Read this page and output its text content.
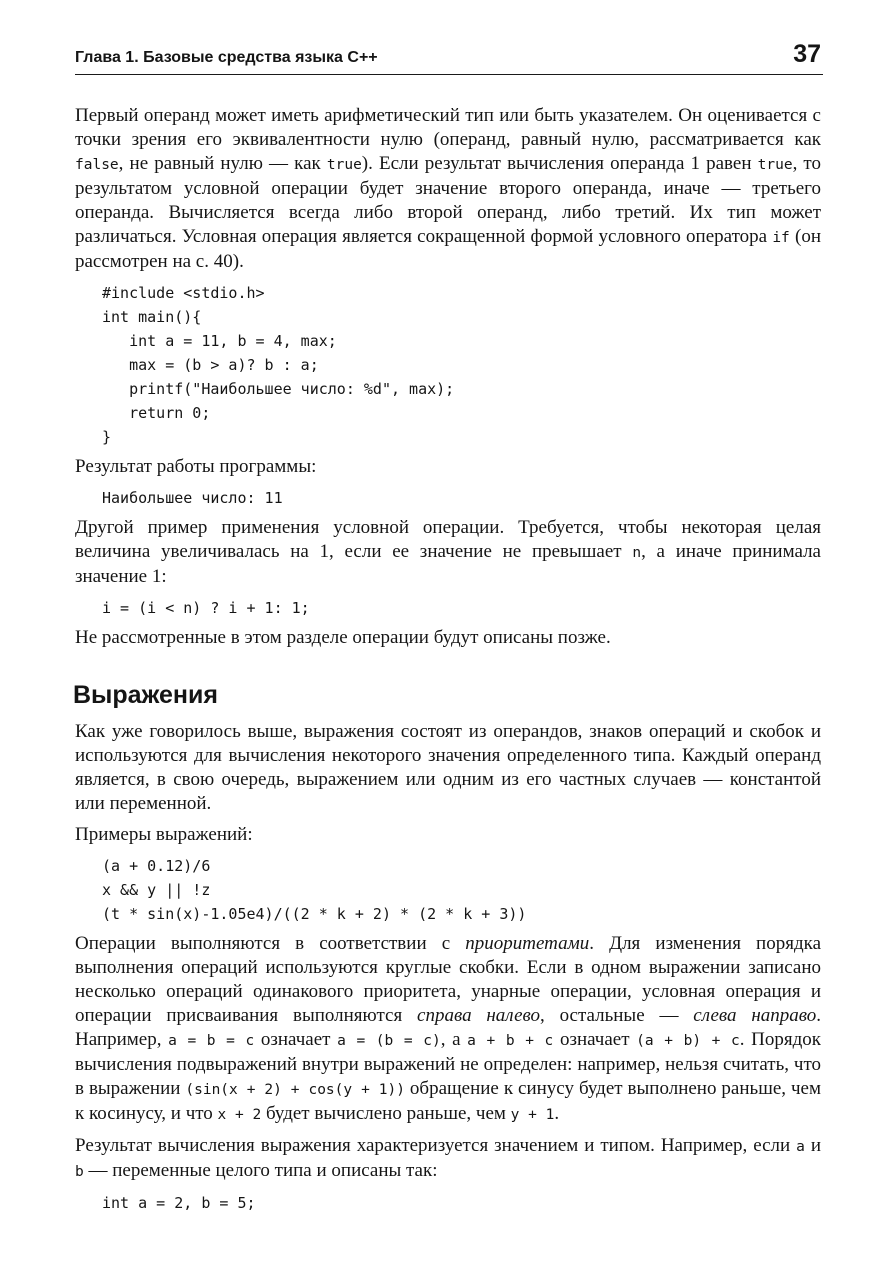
Глава 1. Базовые средства языка С++	37

Первый операнд может иметь арифметический тип или быть указателем. Он оценивается с точки зрения его эквивалентности нулю (операнд, равный нулю, рассматривается как false, не равный нулю — как true). Если результат вычисления операнда 1 равен true, то результатом условной операции будет значение второго операнда, иначе — третьего операнда. Вычисляется всегда либо второй операнд, либо третий. Их тип может различаться. Условная операция является сокращенной формой условного оператора if (он рассмотрен на с. 40).

#include <stdio.h>
int main(){
int a = 11, b = 4, max;
max = (b > a)? b : a;
printf("Наибольшее число: %d", max);
return 0;
}

Результат работы программы:

Наибольшее число: 11

Другой пример применения условной операции. Требуется, чтобы некоторая целая величина увеличивалась на 1, если ее значение не превышает n, а иначе принимала значение 1:

i = (i < n) ? i + 1: 1;

Не рассмотренные в этом разделе операции будут описаны позже.

Выражения

Как уже говорилось выше, выражения состоят из операндов, знаков операций и скобок и используются для вычисления некоторого значения определенного типа. Каждый операнд является, в свою очередь, выражением или одним из его частных случаев — константой или переменной.

Примеры выражений:

(a + 0.12)/6
x && y || !z
(t * sin(x)-1.05e4)/((2 * k + 2) * (2 * k + 3))

Операции выполняются в соответствии с приоритетами. Для изменения порядка выполнения операций используются круглые скобки. Если в одном выражении записано несколько операций одинакового приоритета, унарные операции, условная операция и операции присваивания выполняются справа налево, остальные — слева направо. Например, a = b = c означает a = (b = c), а a + b + c означает (a + b) + c. Порядок вычисления подвыражений внутри выражений не определен: например, нельзя считать, что в выражении (sin(x + 2) + cos(y + 1)) обращение к синусу будет выполнено раньше, чем к косинусу, и что x + 2 будет вычислено раньше, чем y + 1.

Результат вычисления выражения характеризуется значением и типом. Например, если a и b — переменные целого типа и описаны так:

int a = 2, b = 5;
